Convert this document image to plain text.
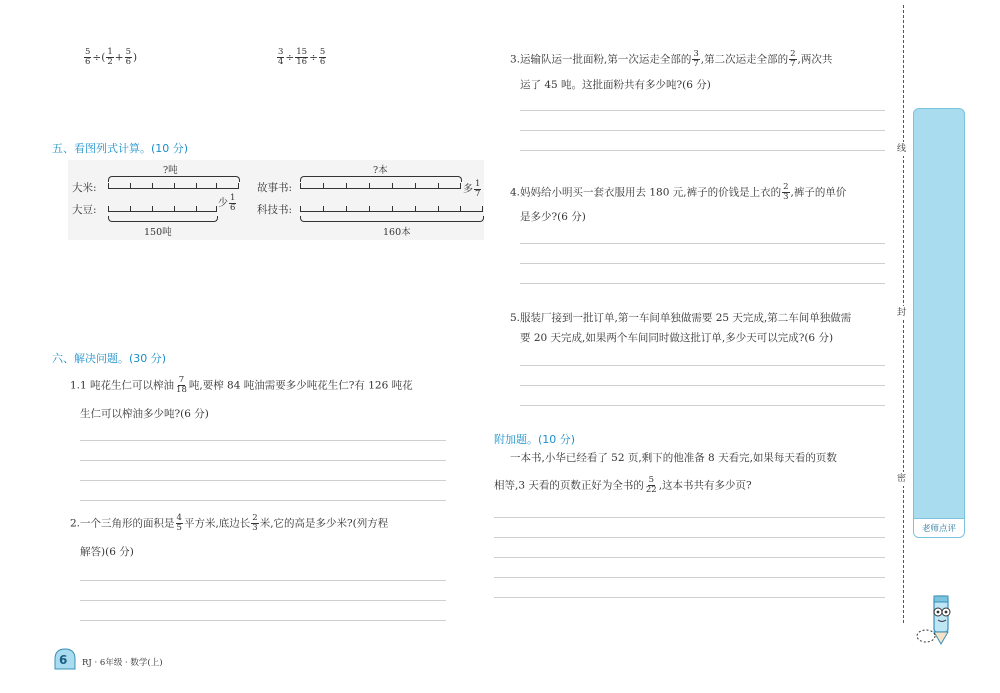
$\frac{5}{6}$ ÷( $\frac{1}{2} + \frac{5}{6}$ )	$\frac{3}{4} \div \frac{15}{16} \div \frac{5}{6}$
五、看图列式计算。(10 分)
?吨
大米:
大豆:
少 $\frac{1}{6}$
150吨
?本
故事书:
科技书:
多 $\frac{1}{7}$
160本
六、解决问题。(30 分)
1.1 吨花生仁可以榨油 $\frac{7}{18}$ 吨,要榨 84 吨油需要多少吨花生仁?有 126 吨花
生仁可以榨油多少吨?(6 分)
2.一个三角形的面积是 $\frac{4}{5}$ 平方米,底边长 $\frac{2}{3}$ 米,它的高是多少米?(列方程
解答)(6 分)
3.运输队运一批面粉,第一次运走全部的 $\frac{3}{7}$ ,第二次运走全部的 $\frac{2}{7}$ ,两次共
运了 45 吨。这批面粉共有多少吨?(6 分)
4.妈妈给小明买一套衣服用去 180 元,裤子的价钱是上衣的 $\frac{2}{3}$ ,裤子的单价
是多少?(6 分)
5.服装厂接到一批订单,第一车间单独做需要 25 天完成,第二车间单独做需
要 20 天完成,如果两个车间同时做这批订单,多少天可以完成?(6 分)
附加题。(10 分)
一本书,小华已经看了 52 页,剩下的他准备 8 天看完,如果每天看的页数
相等,3 天看的页数正好为全书的 $\frac{5}{22}$ ,这本书共有多少页?
线
封
密
老师点评
6 RJ · 6年级 · 数学(上)
